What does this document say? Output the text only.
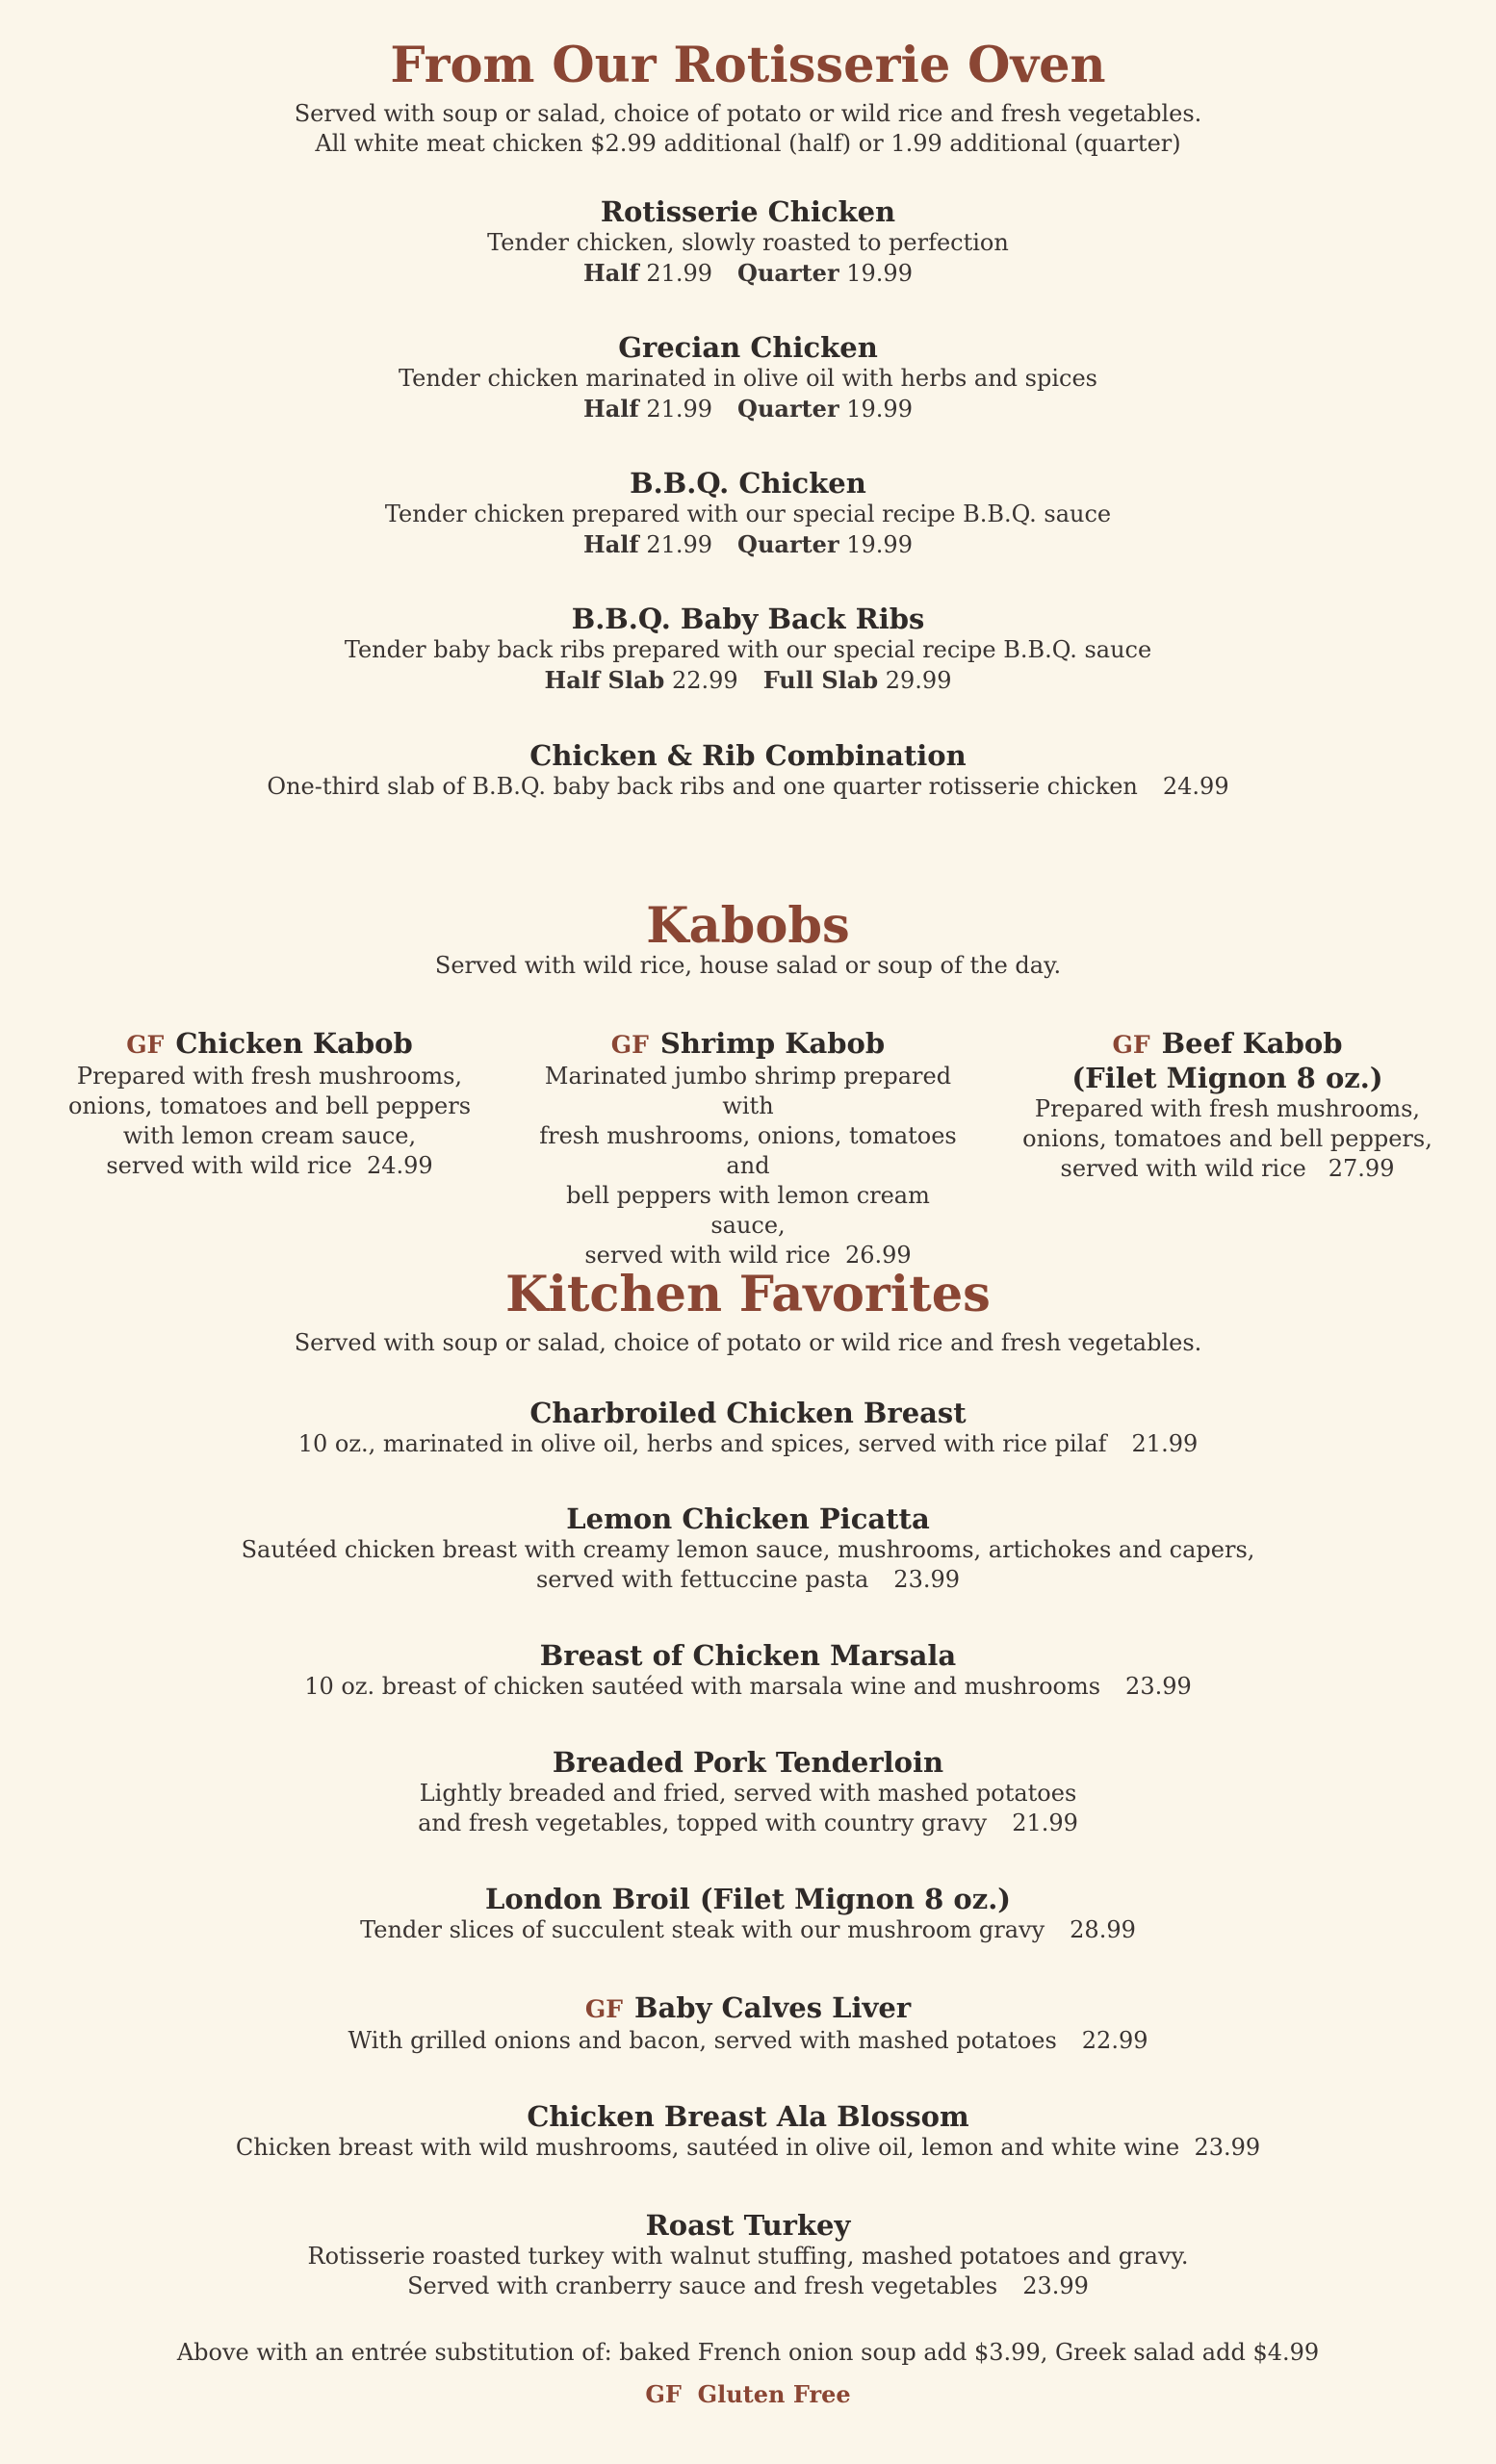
From Our Rotisserie Oven
Served with soup or salad, choice of potato or wild rice and fresh vegetables.
All white meat chicken $2.99 additional (half) or 1.99 additional (quarter)
Rotisserie Chicken
Tender chicken, slowly roasted to perfection
Half 21.99 Quarter 19.99
Grecian Chicken
Tender chicken marinated in olive oil with herbs and spices
Half 21.99 Quarter 19.99
B.B.Q. Chicken
Tender chicken prepared with our special recipe B.B.Q. sauce
Half 21.99 Quarter 19.99
B.B.Q. Baby Back Ribs
Tender baby back ribs prepared with our special recipe B.B.Q. sauce
Half Slab 22.99 Full Slab 29.99
Chicken & Rib Combination
One-third slab of B.B.Q. baby back ribs and one quarter rotisserie chicken 24.99
Kabobs
Served with wild rice, house salad or soup of the day.
GF Chicken Kabob
Prepared with fresh mushrooms,
onions, tomatoes and bell peppers
with lemon cream sauce,
served with wild rice 24.99
GF Shrimp Kabob
Marinated jumbo shrimp prepared with
fresh mushrooms, onions, tomatoes and
bell peppers with lemon cream sauce,
served with wild rice 26.99
GF Beef Kabob
(Filet Mignon 8 oz.)
Prepared with fresh mushrooms,
onions, tomatoes and bell peppers,
served with wild rice 27.99
Kitchen Favorites
Served with soup or salad, choice of potato or wild rice and fresh vegetables.
Charbroiled Chicken Breast
10 oz., marinated in olive oil, herbs and spices, served with rice pilaf 21.99
Lemon Chicken Picatta
Sautéed chicken breast with creamy lemon sauce, mushrooms, artichokes and capers,
served with fettuccine pasta 23.99
Breast of Chicken Marsala
10 oz. breast of chicken sautéed with marsala wine and mushrooms 23.99
Breaded Pork Tenderloin
Lightly breaded and fried, served with mashed potatoes
and fresh vegetables, topped with country gravy 21.99
London Broil (Filet Mignon 8 oz.)
Tender slices of succulent steak with our mushroom gravy 28.99
GF Baby Calves Liver
With grilled onions and bacon, served with mashed potatoes 22.99
Chicken Breast Ala Blossom
Chicken breast with wild mushrooms, sautéed in olive oil, lemon and white wine 23.99
Roast Turkey
Rotisserie roasted turkey with walnut stuffing, mashed potatoes and gravy.
Served with cranberry sauce and fresh vegetables 23.99
Above with an entrée substitution of: baked French onion soup add $3.99, Greek salad add $4.99
GF Gluten Free
